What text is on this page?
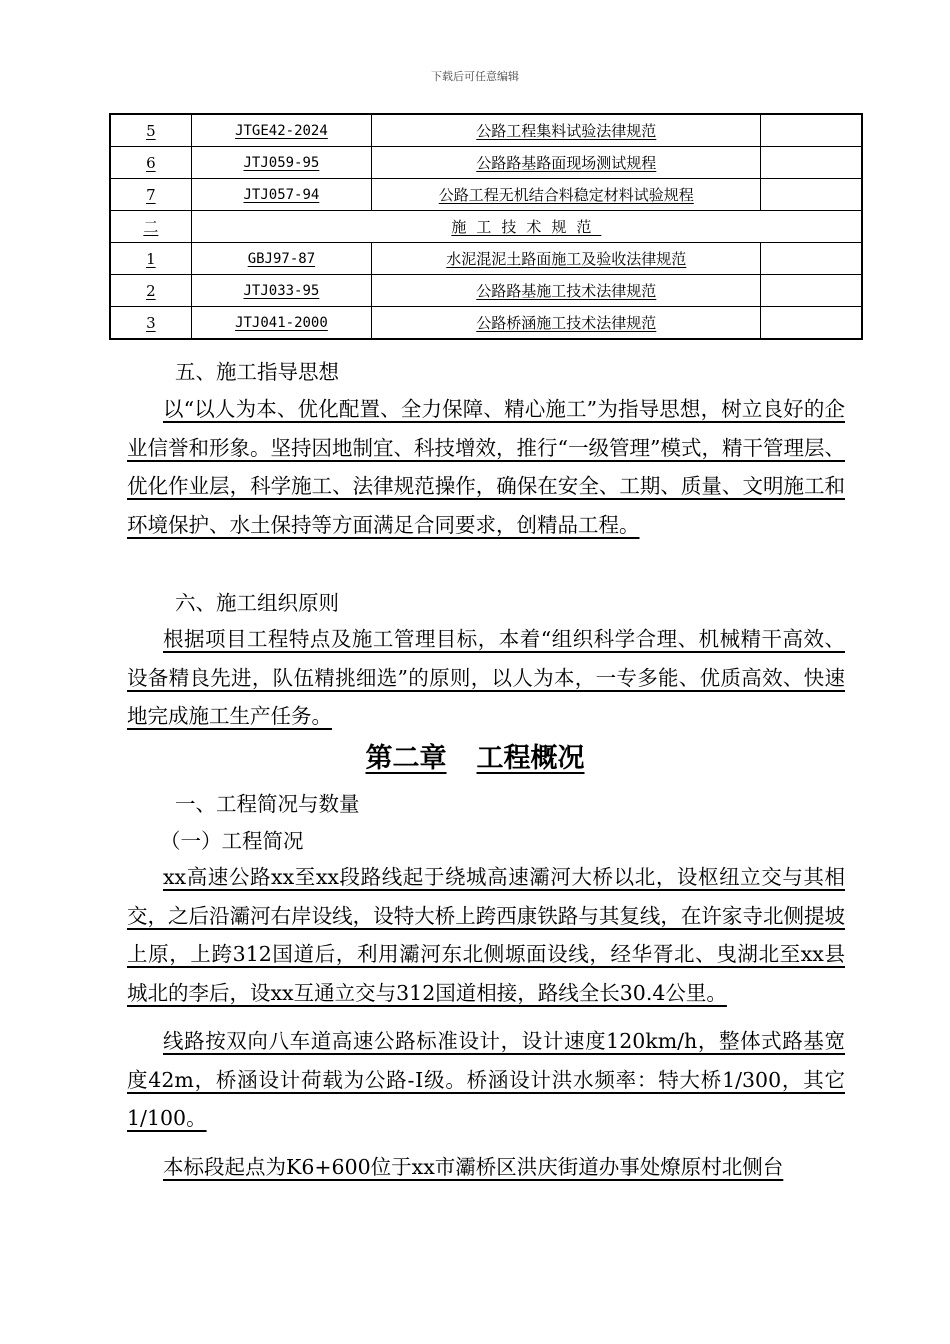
下载后可任意编辑
5	JTGE42-2024	公路工程集料试验法律规范	
6	JTJ059-95	公路路基路面现场测试规程	
7	JTJ057-94	公路工程无机结合料稳定材料试验规程	
二	施工技术规范		
1	GBJ97-87	水泥混泥土路面施工及验收法律规范	
2	JTJ033-95	公路路基施工技术法律规范	
3	JTJ041-2000	公路桥涵施工技术法律规范	
五、施工指导思想

以“以人为本、优化配置、全力保障、精心施工”为指导思想，树立良好的企业信誉和形象。坚持因地制宜、科技增效，推行“一级管理”模式，精干管理层、优化作业层，科学施工、法律规范操作，确保在安全、工期、质量、文明施工和环境保护、水土保持等方面满足合同要求，创精品工程。

六、施工组织原则

根据项目工程特点及施工管理目标，本着“组织科学合理、机械精干高效、设备精良先进，队伍精挑细选”的原则，以人为本，一专多能、优质高效、快速地完成施工生产任务。

第二章 工程概况
一、工程简况与数量
（一）工程简况

xx高速公路xx至xx段路线起于绕城高速灞河大桥以北，设枢纽立交与其相交，之后沿灞河右岸设线，设特大桥上跨西康铁路与其复线，在许家寺北侧提坡上原，上跨312国道后，利用灞河东北侧塬面设线，经华胥北、曳湖北至xx县城北的李后，设xx互通立交与312国道相接，路线全长30.4公里。

线路按双向八车道高速公路标准设计，设计速度120km/h，整体式路基宽度42m，桥涵设计荷载为公路-Ⅰ级。桥涵设计洪水频率：特大桥1/300，其它1/100。

本标段起点为K6+600位于xx市灞桥区洪庆街道办事处燎原村北侧台
